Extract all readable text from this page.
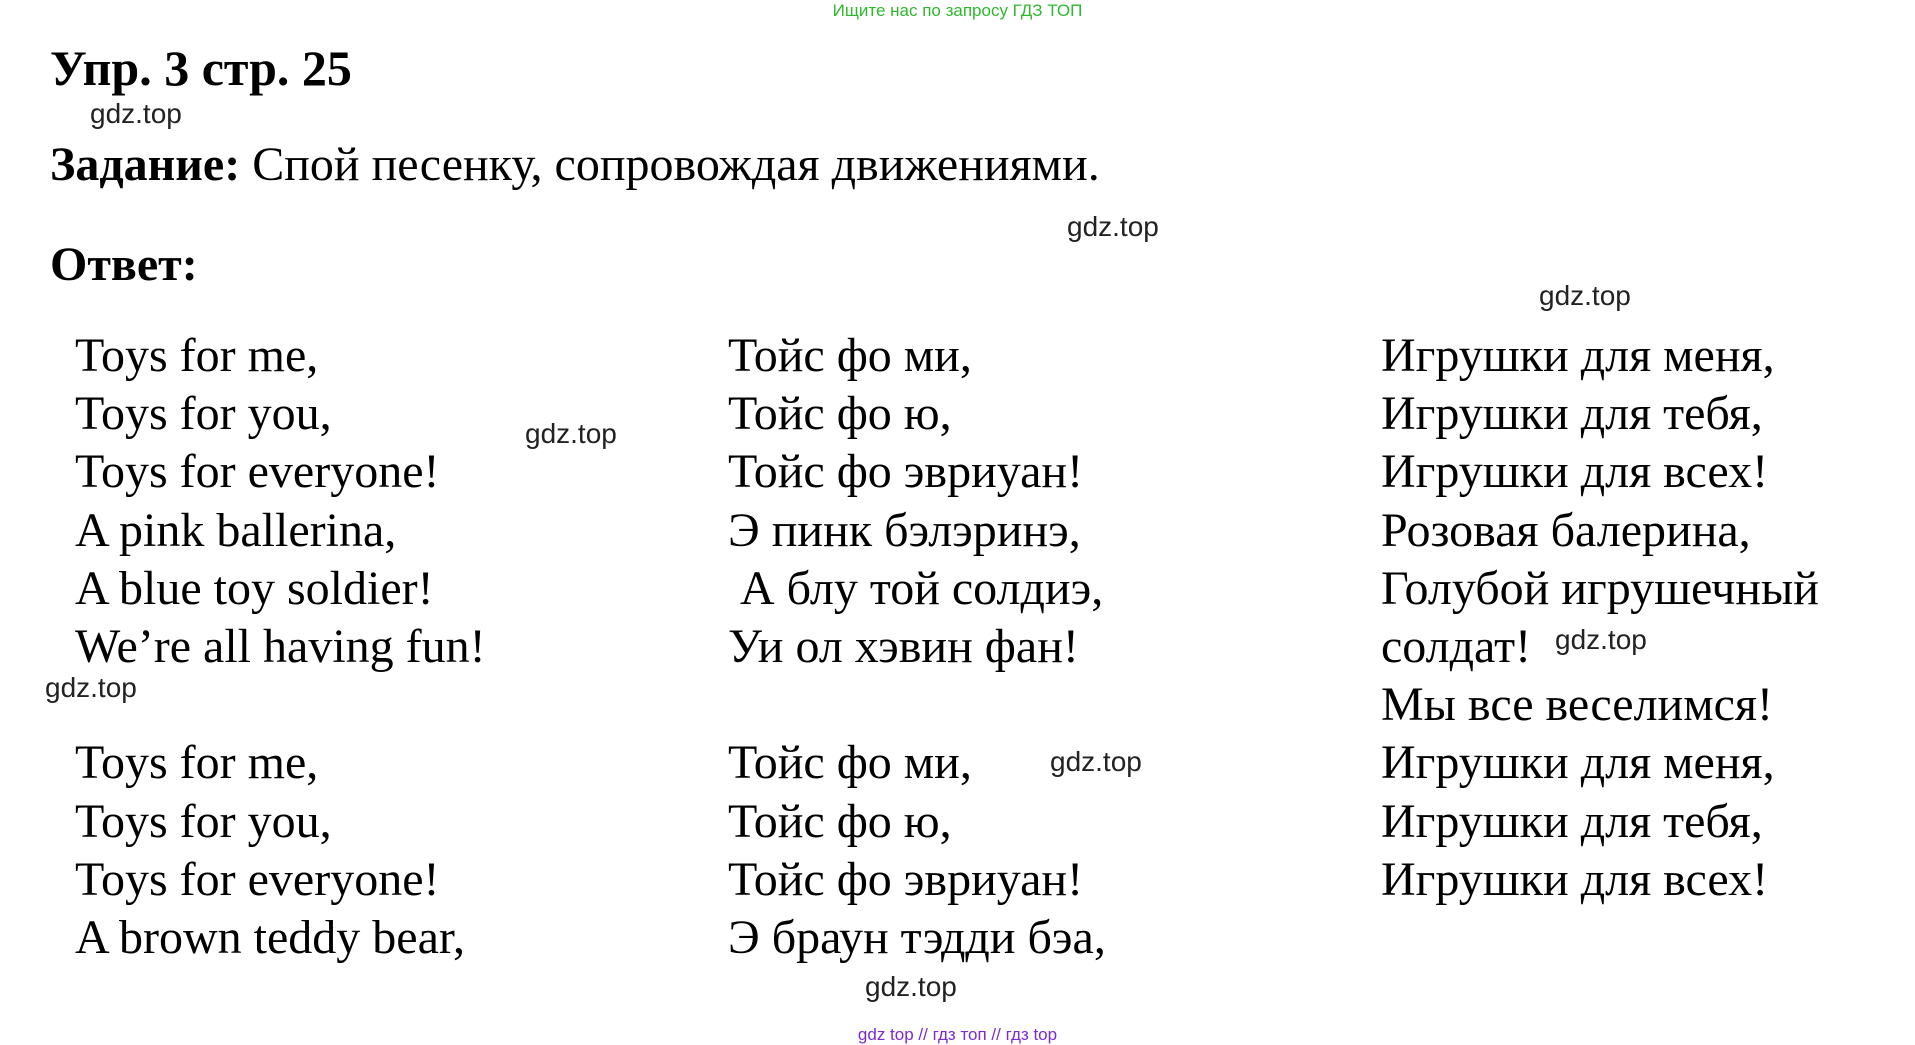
Ищите нас по запросу ГДЗ ТОП
Упр. 3 стр. 25
gdz.top
Задание: Спой песенку, сопровождая движениями.
gdz.top
Ответ:
gdz.top
Toys for me,
Toys for you,
Toys for everyone!
A pink ballerina,
A blue toy soldier!
We’re all having fun!
Toys for me,
Toys for you,
Toys for everyone!
A brown teddy bear,
Тойс фо ми,
Тойс фо ю,
Тойс фо эвриуан!
Э пинк бэлэринэ,
А блу той солдиэ,
Уи ол хэвин фан!
Тойс фо ми,
Тойс фо ю,
Тойс фо эвриуан!
Э браун тэдди бэа,
Игрушки для меня,
Игрушки для тебя,
Игрушки для всех!
Розовая балерина,
Голубой игрушечный
солдат!
Мы все веселимся!
Игрушки для меня,
Игрушки для тебя,
Игрушки для всех!
gdz.top
gdz.top
gdz.top
gdz.top
gdz.top
gdz top // гдз топ // гдз top
